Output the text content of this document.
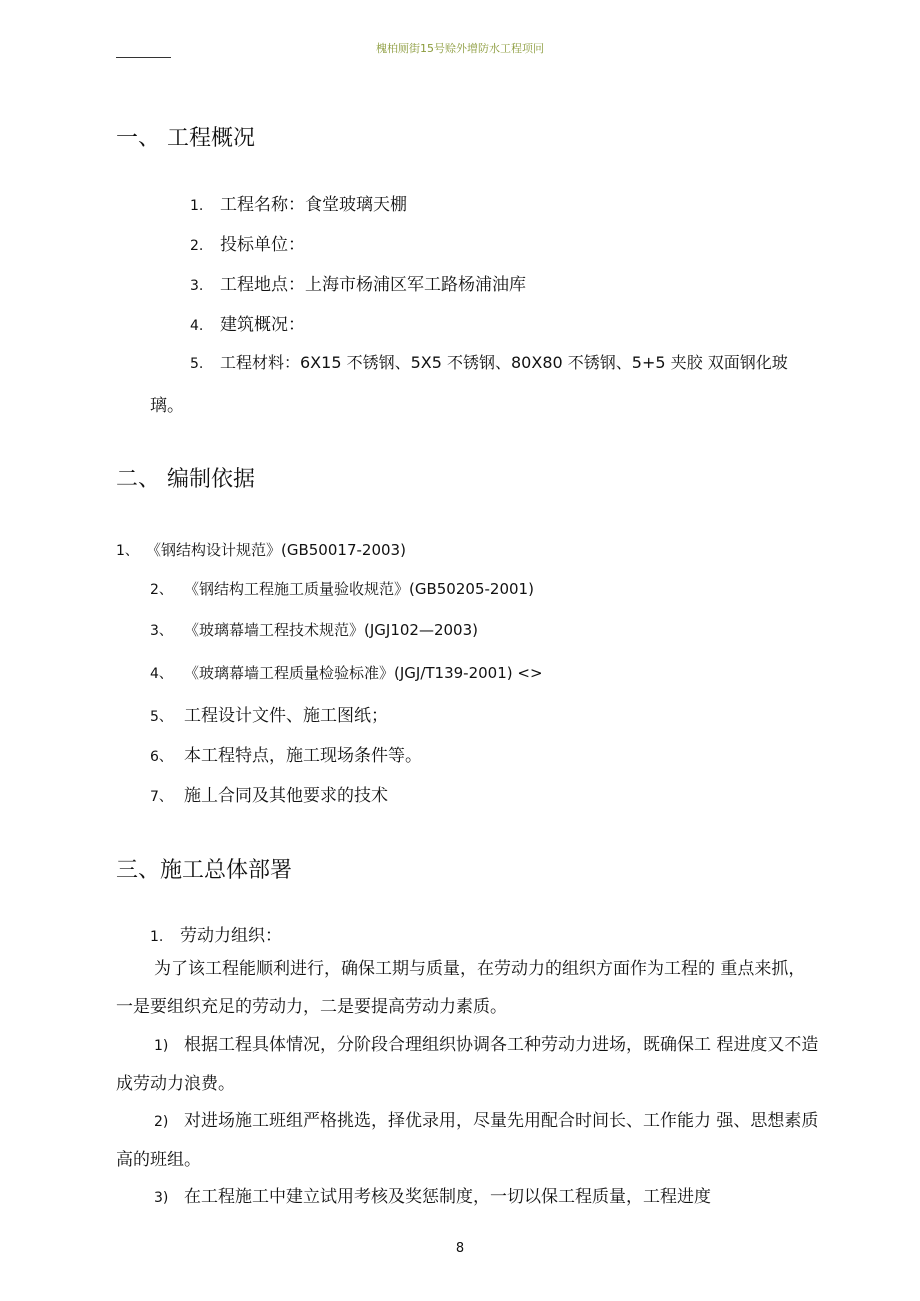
槐柏厕街15号赊外增防水工程项冋
一、 工程概况
1. 工程名称：食堂玻璃天棚
2. 投标单位：
3. 工程地点：上海市杨浦区军工路杨浦油库
4. 建筑概况：
5. 工程材料：6X15 不锈钢、5X5 不锈钢、80X80 不锈钢、5+5 夹胶 双面钢化玻
璃。
二、 编制依据
1、 《钢结构设计规范》(GB50017-2003)
2、 《钢结构工程施工质量验收规范》(GB50205-2001)
3、 《玻璃幕墙工程技术规范》(JGJ102—2003)
4、 《玻璃幕墙工程质量检验标准》(JGJ/T139-2001) <>
5、 工程设计文件、施工图纸；
6、 本工程特点，施工现场条件等。
7、 施丄合同及其他要求的技术
三、施工总体部署
1. 劳动力组织：
为了该工程能顺利进行，确保工期与质量，在劳动力的组织方面作为工程的 重点来抓，一是要组织充足的劳动力，二是要提高劳动力素质。
1) 根据工程具体情况，分阶段合理组织协调各工种劳动力进场，既确保工 程进度又不造成劳动力浪费。
2) 对进场施工班组严格挑选，择优录用，尽量先用配合时间长、工作能力 强、思想素质高的班组。
3) 在工程施工中建立试用考核及奖惩制度，一切以保工程质量，工程进度
8
